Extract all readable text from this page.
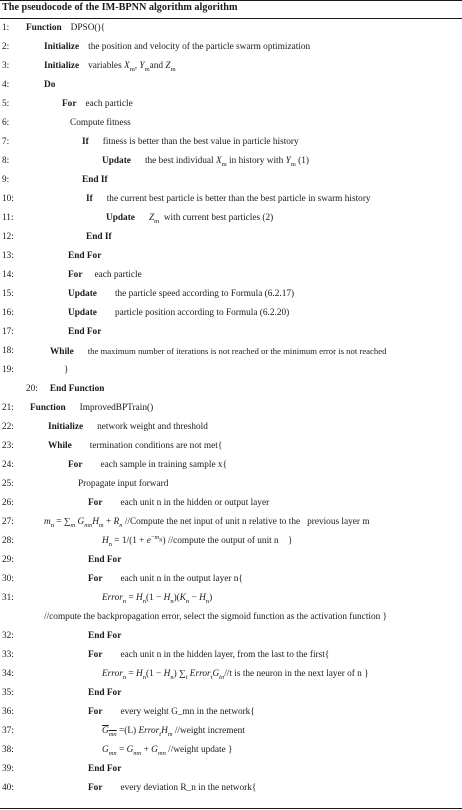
The pseudocode of the IM-BPNN algorithm algorithm
1: Function DPSO(){
2:	Initialize the position and velocity of the particle swarm optimization
3:	Initialize variables $X_m$, $Y_mand$ $Z_m$
4:	Do
5:	For each particle
6:	Compute fitness
7:	If fitness is better than the best value in particle history
8:	Update the best individual $X_m$ in history with $Y_m$ (1)
9:	End If
10:	If the current best particle is better than the best particle in swarm history
11:	Update $Z_m$  with current best particles (2)
12:	End If
13:	End For
14:	For each particle
15:	Update the particle speed according to Formula (6.2.17)
16:	Update particle position according to Formula (6.2.20)
17:	End For
18:	While the maximum number of iterations is not reached or the minimum error is not reached
19:	}
20: End Function
21: Function ImprovedBPTrain()
22:	Initialize network weight and threshold
23:	While termination conditions are not met{
24:	For each sample in training sample x{
25:	Propagate input forward
26:	For each unit n in the hidden or output layer
27:	$m_n = \sum_m$ $G_{mn}H_m + R_n$ //Compute the net input of unit n relative to the   previous layer m
28:	$H_n = 1/(1 + e^{-m_n})$ //compute the output of unit n    }
29:	End For
30:	For each unit n in the output layer n{
31:	Error$_n$ = $H_n(1 - H_n)(K_n - H_n)$
//compute the backpropagation error, select the sigmoid function as the activation function }
32:	End For
33:	For each unit n in the hidden layer, from the last to the first{
34:	Error$_n$ = $H_n(1 - H_n)$ $\sum_t$ $Error_tG_{tn}//t$ is the neuron in the next layer of n }
35:	End For
36:	For every weight G_mn in the network{
37:	$G_{mn} =(L)$ $Error_tH_m$ //weight increment
38:	$G_{mn} = G_{mn} + G_{mn}$ //weight update }
39:	End For
40:	For every deviation R_n in the network{
